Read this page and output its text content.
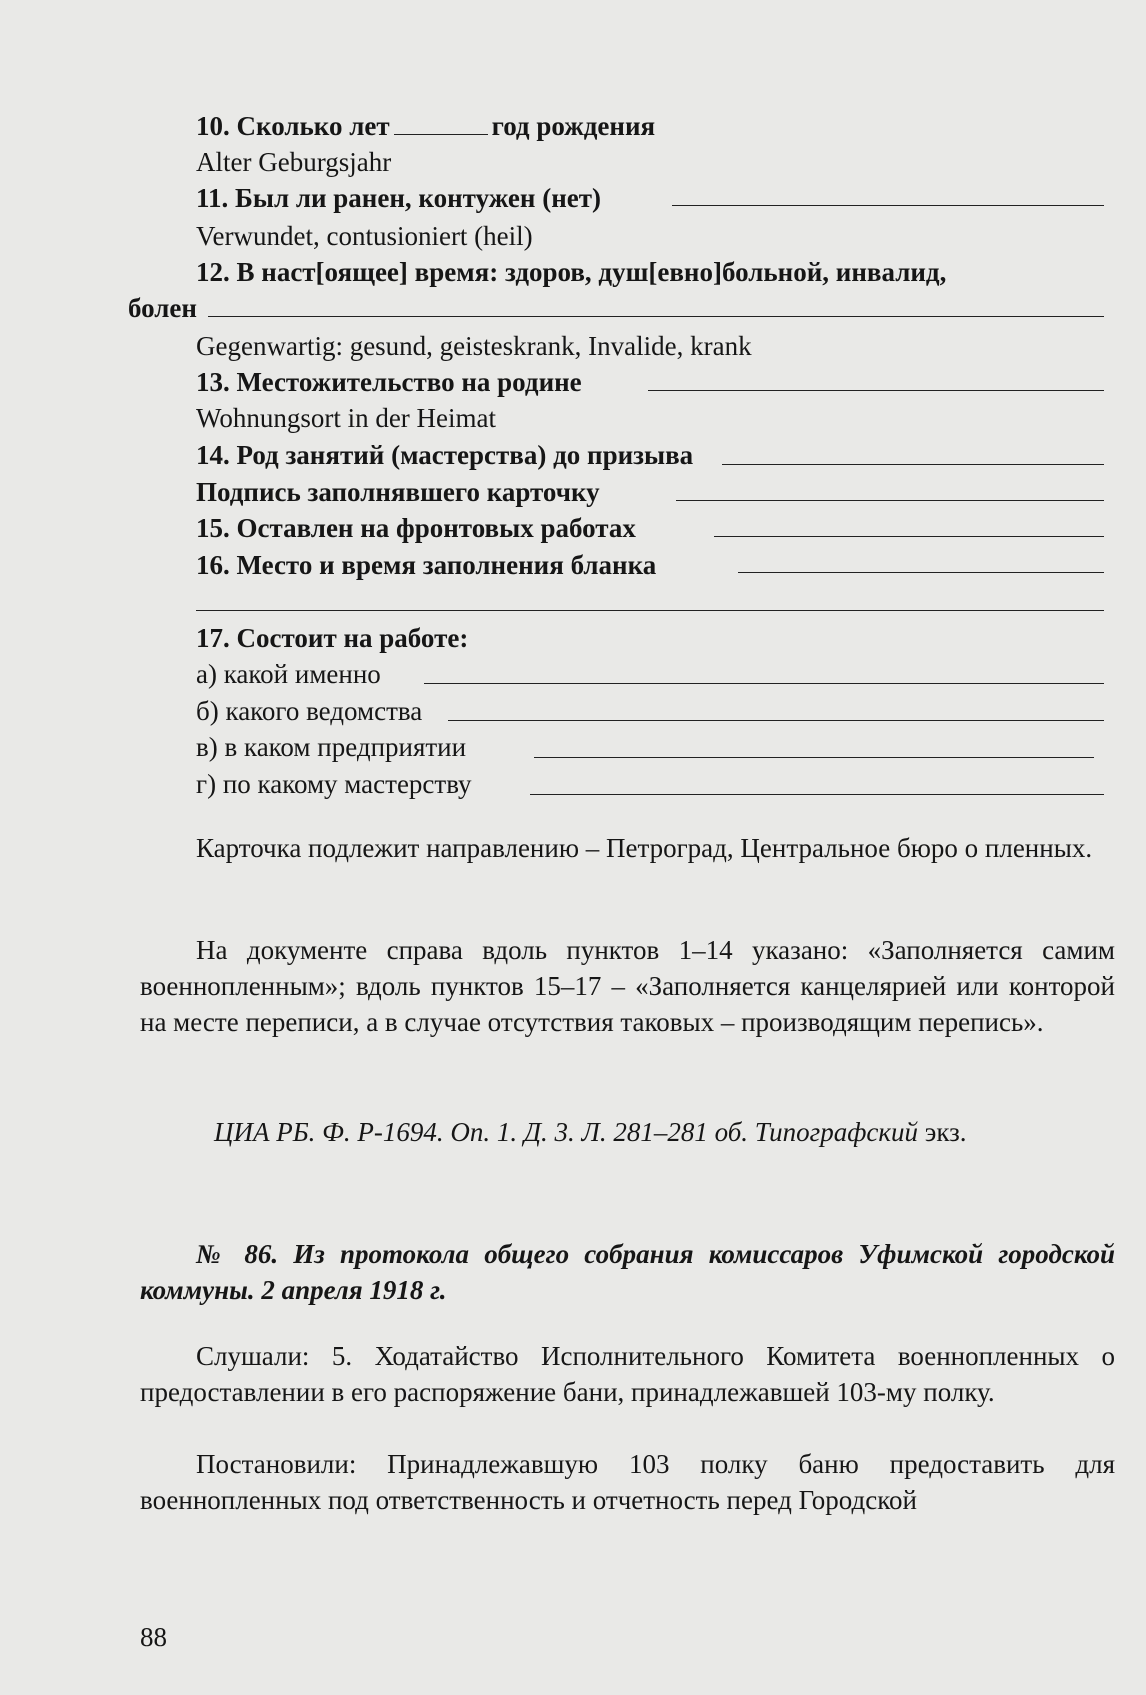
10. Сколько лет	год рождения
Alter Geburgsjahr
11. Был ли ранен, контужен (нет)
Verwundet, contusioniert (heil)
12. В наст[оящее] время: здоров, душ[евно]больной, инвалид,
болен
Gegenwartig: gesund, geisteskrank, Invalide, krank
13. Местожительство на родине
Wohnungsort in der Heimat
14. Род занятий (мастерства) до призыва
Подпись заполнявшего карточку
15. Оставлен на фронтовых работах
16. Место и время заполнения бланка
17. Состоит на работе:
а) какой именно
б) какого ведомства
в) в каком предприятии
г) по какому мастерству
Карточка подлежит направлению – Петроград, Центральное бюро о пленных.
На документе справа вдоль пунктов 1–14 указано: «Заполняется самим военнопленным»; вдоль пунктов 15–17 – «Заполняется канцелярией или конторой на месте переписи, а в случае отсутствия таковых – производящим перепись».
ЦИА РБ. Ф. Р-1694. Оп. 1. Д. 3. Л. 281–281 об. Типографский экз.
№ 86. Из протокола общего собрания комиссаров Уфимской городской коммуны. 2 апреля 1918 г.
Слушали: 5. Ходатайство Исполнительного Комитета военнопленных о предоставлении в его распоряжение бани, принадлежавшей 103-му полку.
Постановили: Принадлежавшую 103 полку баню предоставить для военнопленных под ответственность и отчетность перед Городской
88
